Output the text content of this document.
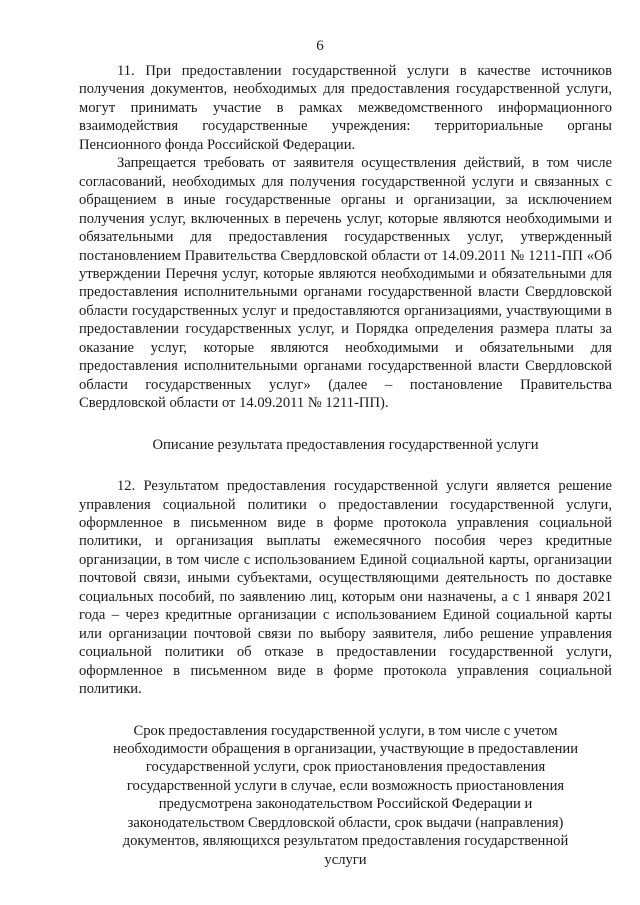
6

11. При предоставлении государственной услуги в качестве источников получения документов, необходимых для предоставления государственной услуги, могут принимать участие в рамках межведомственного информационного взаимодействия государственные учреждения: территориальные органы Пенсионного фонда Российской Федерации.

Запрещается требовать от заявителя осуществления действий, в том числе согласований, необходимых для получения государственной услуги и связанных с обращением в иные государственные органы и организации, за исключением получения услуг, включенных в перечень услуг, которые являются необходимыми и обязательными для предоставления государственных услуг, утвержденный постановлением Правительства Свердловской области от 14.09.2011 № 1211-ПП «Об утверждении Перечня услуг, которые являются необходимыми и обязательными для предоставления исполнительными органами государственной власти Свердловской области государственных услуг и предоставляются организациями, участвующими в предоставлении государственных услуг, и Порядка определения размера платы за оказание услуг, которые являются необходимыми и обязательными для предоставления исполнительными органами государственной власти Свердловской области государственных услуг» (далее – постановление Правительства Свердловской области от 14.09.2011 № 1211-ПП).

Описание результата предоставления государственной услуги

12. Результатом предоставления государственной услуги является решение управления социальной политики о предоставлении государственной услуги, оформленное в письменном виде в форме протокола управления социальной политики, и организация выплаты ежемесячного пособия через кредитные организации, в том числе с использованием Единой социальной карты, организации почтовой связи, иными субъектами, осуществляющими деятельность по доставке социальных пособий, по заявлению лиц, которым они назначены, а с 1 января 2021 года – через кредитные организации с использованием Единой социальной карты или организации почтовой связи по выбору заявителя, либо решение управления социальной политики об отказе в предоставлении государственной услуги, оформленное в письменном виде в форме протокола управления социальной политики.

Срок предоставления государственной услуги, в том числе с учетом необходимости обращения в организации, участвующие в предоставлении государственной услуги, срок приостановления предоставления государственной услуги в случае, если возможность приостановления предусмотрена законодательством Российской Федерации и законодательством Свердловской области, срок выдачи (направления) документов, являющихся результатом предоставления государственной услуги
